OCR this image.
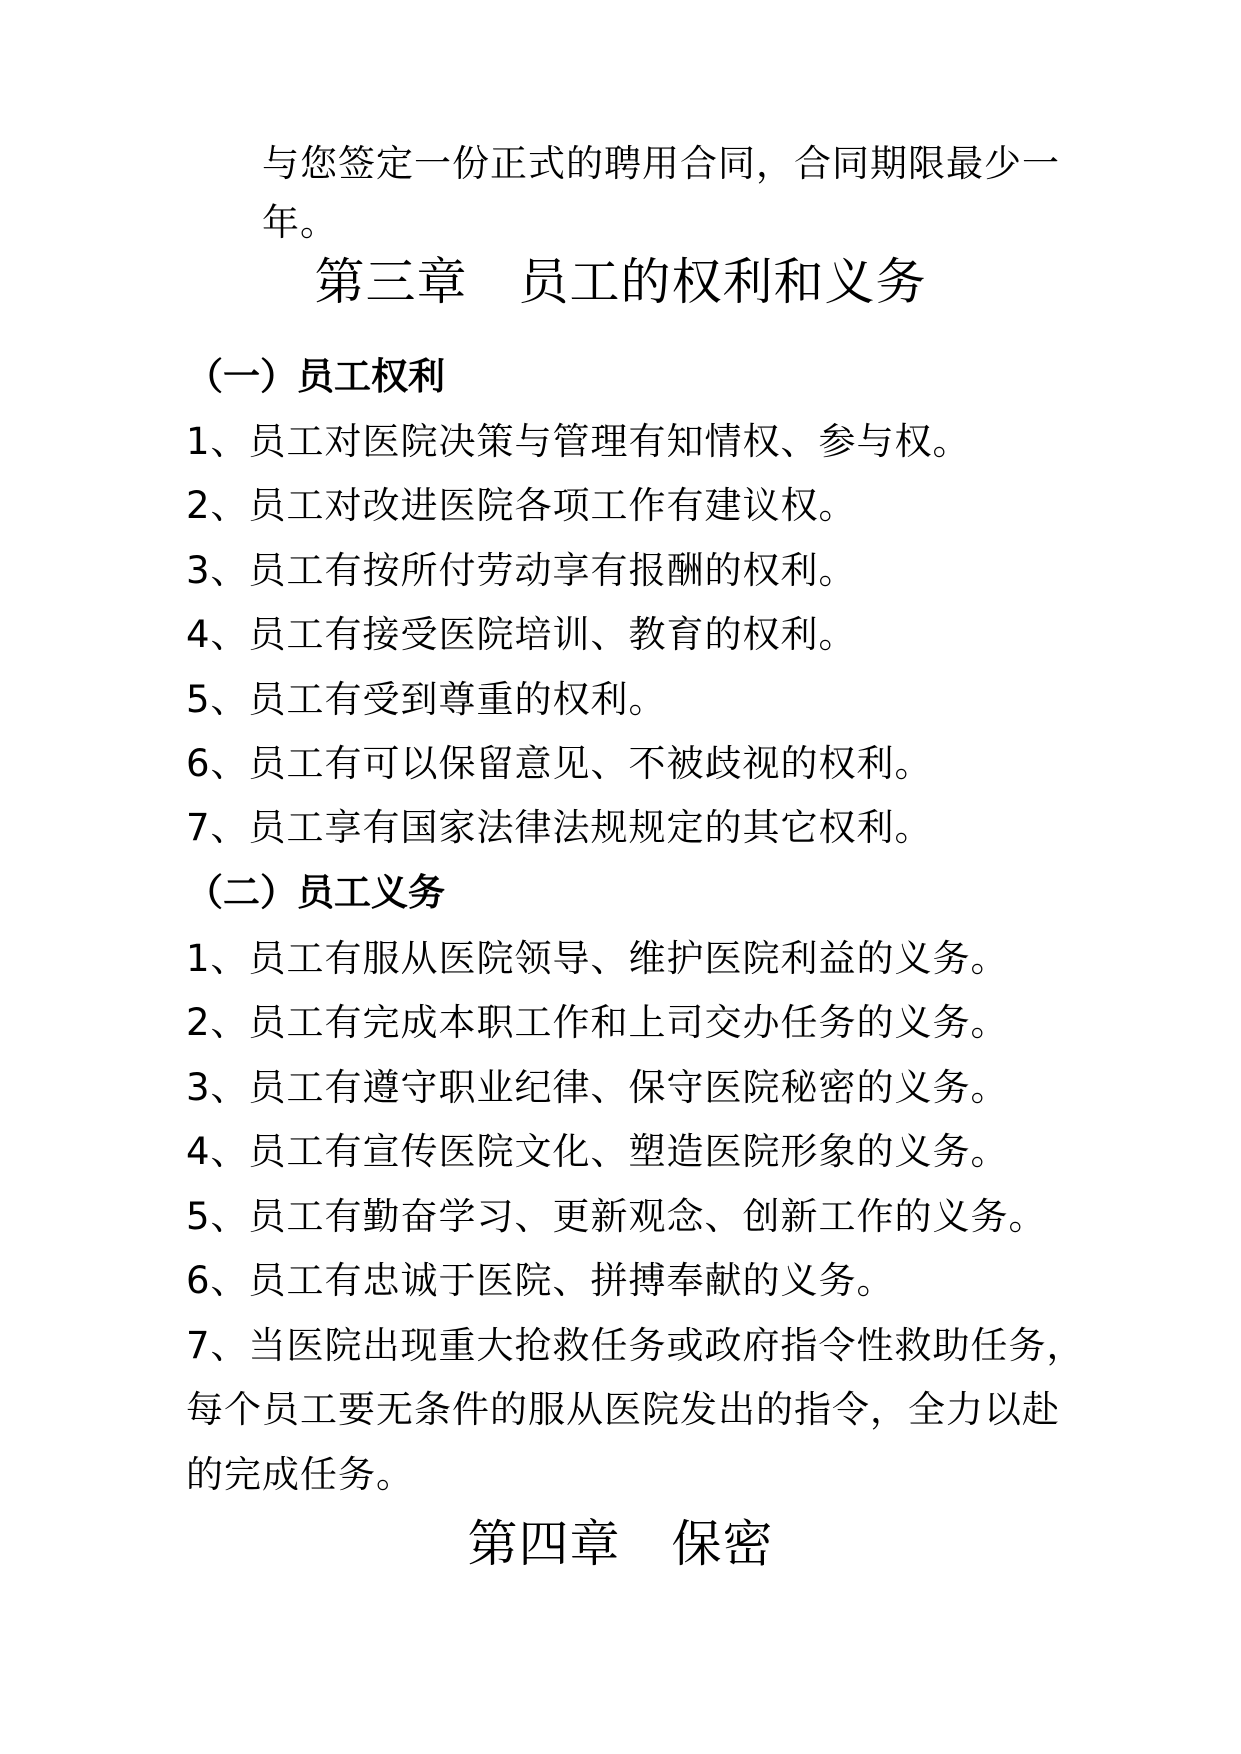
与您签定一份正式的聘用合同，合同期限最少一
年。
第三章　员工的权利和义务
（一）员工权利
1、员工对医院决策与管理有知情权、参与权。
2、员工对改进医院各项工作有建议权。
3、员工有按所付劳动享有报酬的权利。
4、员工有接受医院培训、教育的权利。
5、员工有受到尊重的权利。
6、员工有可以保留意见、不被歧视的权利。
7、员工享有国家法律法规规定的其它权利。
（二）员工义务
1、员工有服从医院领导、维护医院利益的义务。
2、员工有完成本职工作和上司交办任务的义务。
3、员工有遵守职业纪律、保守医院秘密的义务。
4、员工有宣传医院文化、塑造医院形象的义务。
5、员工有勤奋学习、更新观念、创新工作的义务。
6、员工有忠诚于医院、拼搏奉献的义务。
7、当医院出现重大抢救任务或政府指令性救助任务，
每个员工要无条件的服从医院发出的指令，全力以赴
的完成任务。
第四章　保密
